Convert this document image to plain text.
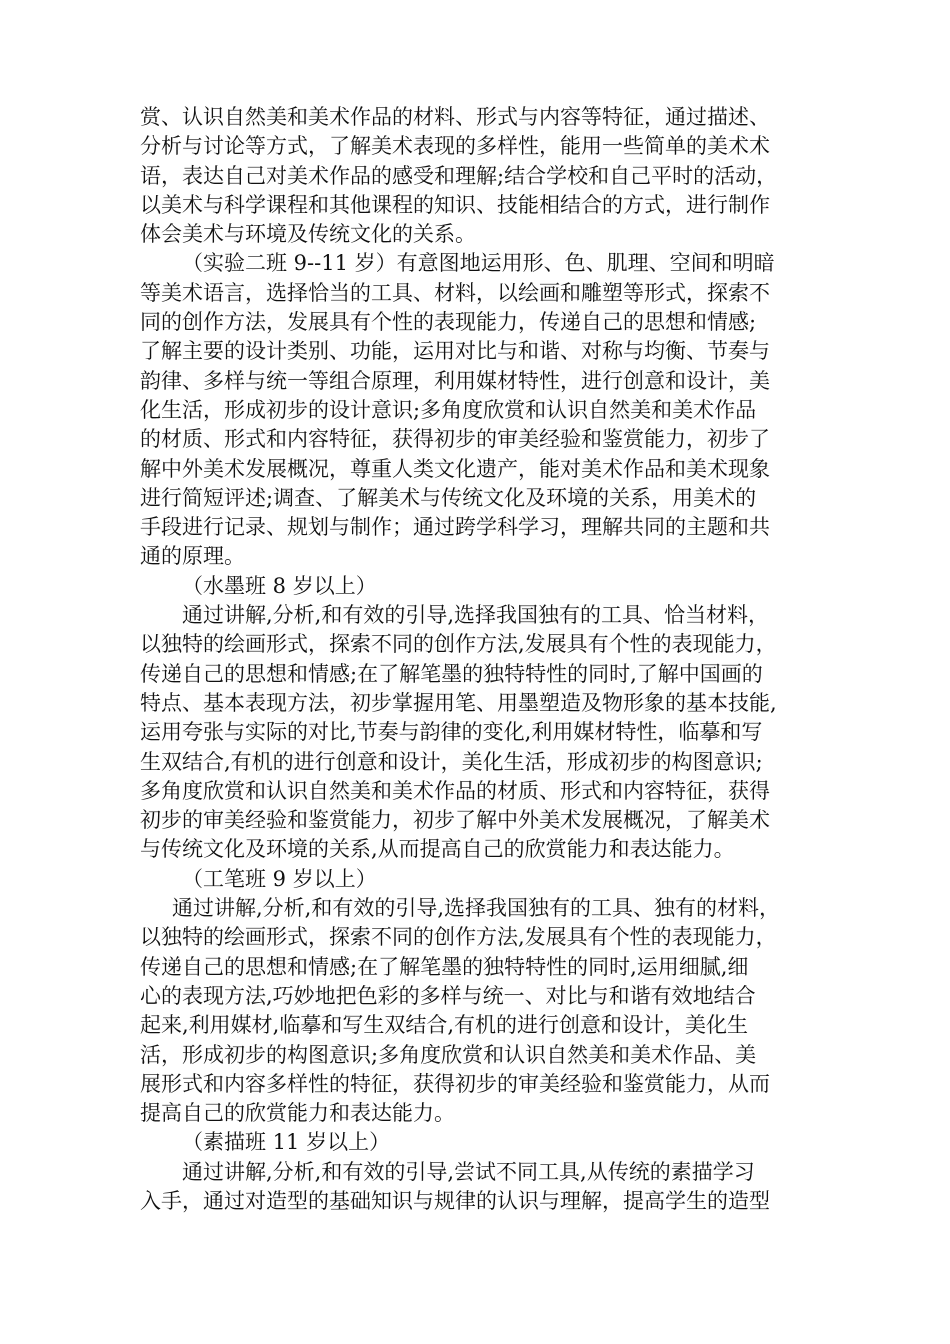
赏、认识自然美和美术作品的材料、形式与内容等特征，通过描述、
分析与讨论等方式，了解美术表现的多样性，能用一些简单的美术术
语，表达自己对美术作品的感受和理解;结合学校和自己平时的活动，
以美术与科学课程和其他课程的知识、技能相结合的方式，进行制作
体会美术与环境及传统文化的关系。
（实验二班 9--11 岁）有意图地运用形、色、肌理、空间和明暗
等美术语言，选择恰当的工具、材料，以绘画和雕塑等形式，探索不
同的创作方法，发展具有个性的表现能力，传递自己的思想和情感;
了解主要的设计类别、功能，运用对比与和谐、对称与均衡、节奏与
韵律、多样与统一等组合原理，利用媒材特性，进行创意和设计，美
化生活，形成初步的设计意识;多角度欣赏和认识自然美和美术作品
的材质、形式和内容特征，获得初步的审美经验和鉴赏能力，初步了
解中外美术发展概况，尊重人类文化遗产，能对美术作品和美术现象
进行简短评述;调查、了解美术与传统文化及环境的关系，用美术的
手段进行记录、规划与制作；通过跨学科学习，理解共同的主题和共
通的原理。
（水墨班 8 岁以上）
通过讲解,分析,和有效的引导,选择我国独有的工具、恰当材料，
以独特的绘画形式，探索不同的创作方法,发展具有个性的表现能力，
传递自己的思想和情感;在了解笔墨的独特特性的同时,了解中国画的
特点、基本表现方法，初步掌握用笔、用墨塑造及物形象的基本技能,
运用夸张与实际的对比,节奏与韵律的变化,利用媒材特性，临摹和写
生双结合,有机的进行创意和设计，美化生活，形成初步的构图意识;
多角度欣赏和认识自然美和美术作品的材质、形式和内容特征，获得
初步的审美经验和鉴赏能力，初步了解中外美术发展概况，了解美术
与传统文化及环境的关系,从而提高自己的欣赏能力和表达能力。
（工笔班 9 岁以上）
通过讲解,分析,和有效的引导,选择我国独有的工具、独有的材料，
以独特的绘画形式，探索不同的创作方法,发展具有个性的表现能力，
传递自己的思想和情感;在了解笔墨的独特特性的同时,运用细腻,细
心的表现方法,巧妙地把色彩的多样与统一、对比与和谐有效地结合
起来,利用媒材,临摹和写生双结合,有机的进行创意和设计，美化生
活，形成初步的构图意识;多角度欣赏和认识自然美和美术作品、美
展形式和内容多样性的特征，获得初步的审美经验和鉴赏能力，从而
提高自己的欣赏能力和表达能力。
（素描班 11 岁以上）
通过讲解,分析,和有效的引导,尝试不同工具,从传统的素描学习
入手，通过对造型的基础知识与规律的认识与理解，提高学生的造型
